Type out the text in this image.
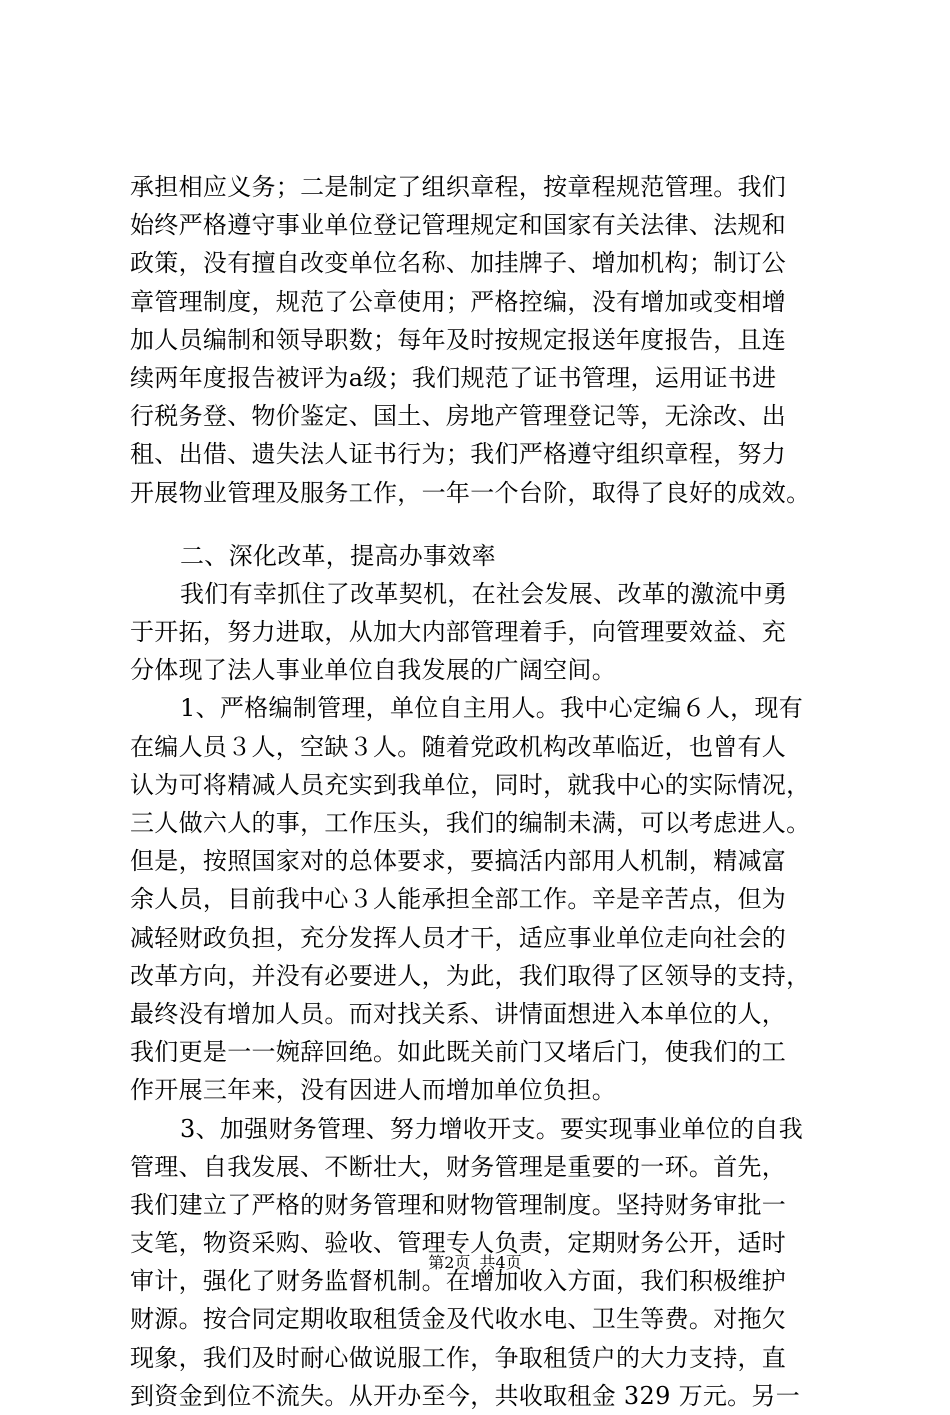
承担相应义务；二是制定了组织章程，按章程规范管理。我们
始终严格遵守事业单位登记管理规定和国家有关法律、法规和
政策，没有擅自改变单位名称、加挂牌子、增加机构；制订公
章管理制度，规范了公章使用；严格控编，没有增加或变相增
加人员编制和领导职数；每年及时按规定报送年度报告，且连
续两年度报告被评为a级；我们规范了证书管理，运用证书进
行税务登、物价鉴定、国土、房地产管理登记等，无涂改、出
租、出借、遗失法人证书行为；我们严格遵守组织章程，努力
开展物业管理及服务工作，一年一个台阶，取得了良好的成效。
二、深化改革，提高办事效率
我们有幸抓住了改革契机，在社会发展、改革的激流中勇
于开拓，努力进取，从加大内部管理着手，向管理要效益、充
分体现了法人事业单位自我发展的广阔空间。
1、严格编制管理，单位自主用人。我中心定编６人，现有
在编人员３人，空缺３人。随着党政机构改革临近，也曾有人
认为可将精减人员充实到我单位，同时，就我中心的实际情况，
三人做六人的事，工作压头，我们的编制未满，可以考虑进人。
但是，按照国家对的总体要求，要搞活内部用人机制，精减富
余人员，目前我中心３人能承担全部工作。辛是辛苦点，但为
减轻财政负担，充分发挥人员才干，适应事业单位走向社会的
改革方向，并没有必要进人，为此，我们取得了区领导的支持，
最终没有增加人员。而对找关系、讲情面想进入本单位的人，
我们更是一一婉辞回绝。如此既关前门又堵后门，使我们的工
作开展三年来，没有因进人而增加单位负担。
3、加强财务管理、努力增收开支。要实现事业单位的自我
管理、自我发展、不断壮大，财务管理是重要的一环。首先，
我们建立了严格的财务管理和财物管理制度。坚持财务审批一
支笔，物资采购、验收、管理专人负责，定期财务公开，适时
审计，强化了财务监督机制。在增加收入方面，我们积极维护
财源。按合同定期收取租赁金及代收水电、卫生等费。对拖欠
现象，我们及时耐心做说服工作，争取租赁户的大力支持，直
到资金到位不流失。从开办至今，共收取租金 329 万元。另一
第2页 共4页
